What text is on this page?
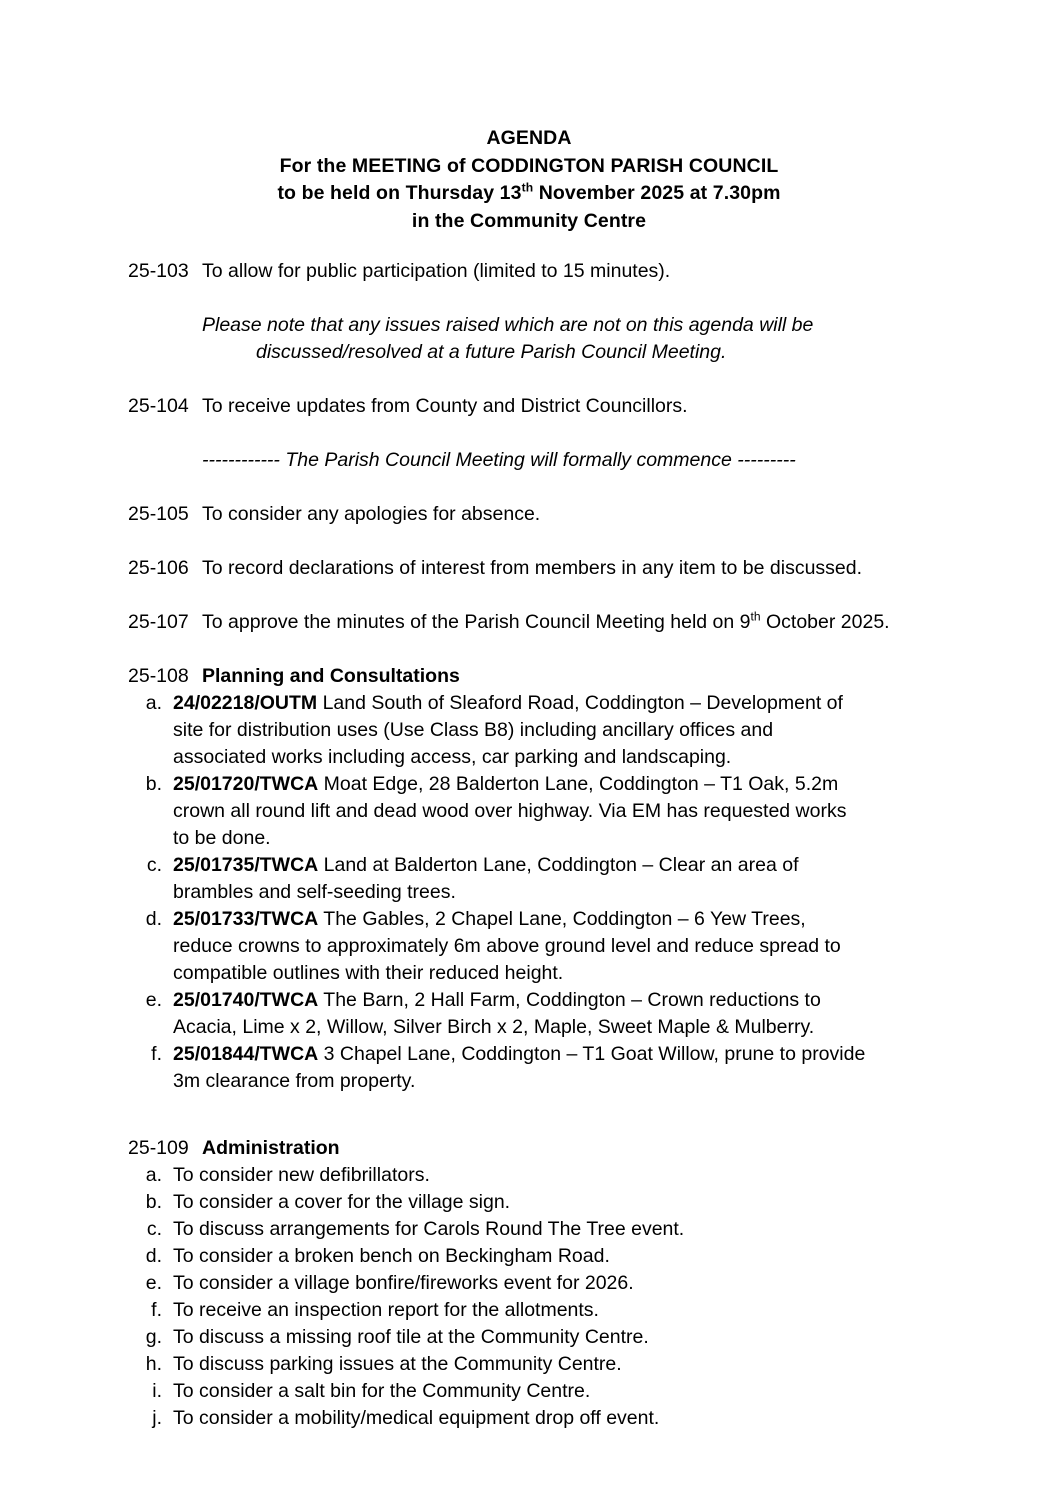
AGENDA
For the MEETING of CODDINGTON PARISH COUNCIL
to be held on Thursday 13th November 2025 at 7.30pm
in the Community Centre
25-103 To allow for public participation (limited to 15 minutes).
Please note that any issues raised which are not on this agenda will be
discussed/resolved at a future Parish Council Meeting.
25-104 To receive updates from County and District Councillors.
------------ The Parish Council Meeting will formally commence ---------
25-105 To consider any apologies for absence.
25-106 To record declarations of interest from members in any item to be discussed.
25-107 To approve the minutes of the Parish Council Meeting held on 9th October 2025.
25-108 Planning and Consultations
a. 24/02218/OUTM Land South of Sleaford Road, Coddington – Development of site for distribution uses (Use Class B8) including ancillary offices and associated works including access, car parking and landscaping.
b. 25/01720/TWCA Moat Edge, 28 Balderton Lane, Coddington – T1 Oak, 5.2m crown all round lift and dead wood over highway. Via EM has requested works to be done.
c. 25/01735/TWCA Land at Balderton Lane, Coddington – Clear an area of brambles and self-seeding trees.
d. 25/01733/TWCA The Gables, 2 Chapel Lane, Coddington – 6 Yew Trees, reduce crowns to approximately 6m above ground level and reduce spread to compatible outlines with their reduced height.
e. 25/01740/TWCA The Barn, 2 Hall Farm, Coddington – Crown reductions to Acacia, Lime x 2, Willow, Silver Birch x 2, Maple, Sweet Maple & Mulberry.
f. 25/01844/TWCA 3 Chapel Lane, Coddington – T1 Goat Willow, prune to provide 3m clearance from property.
25-109 Administration
a. To consider new defibrillators.
b. To consider a cover for the village sign.
c. To discuss arrangements for Carols Round The Tree event.
d. To consider a broken bench on Beckingham Road.
e. To consider a village bonfire/fireworks event for 2026.
f. To receive an inspection report for the allotments.
g. To discuss a missing roof tile at the Community Centre.
h. To discuss parking issues at the Community Centre.
i. To consider a salt bin for the Community Centre.
j. To consider a mobility/medical equipment drop off event.
